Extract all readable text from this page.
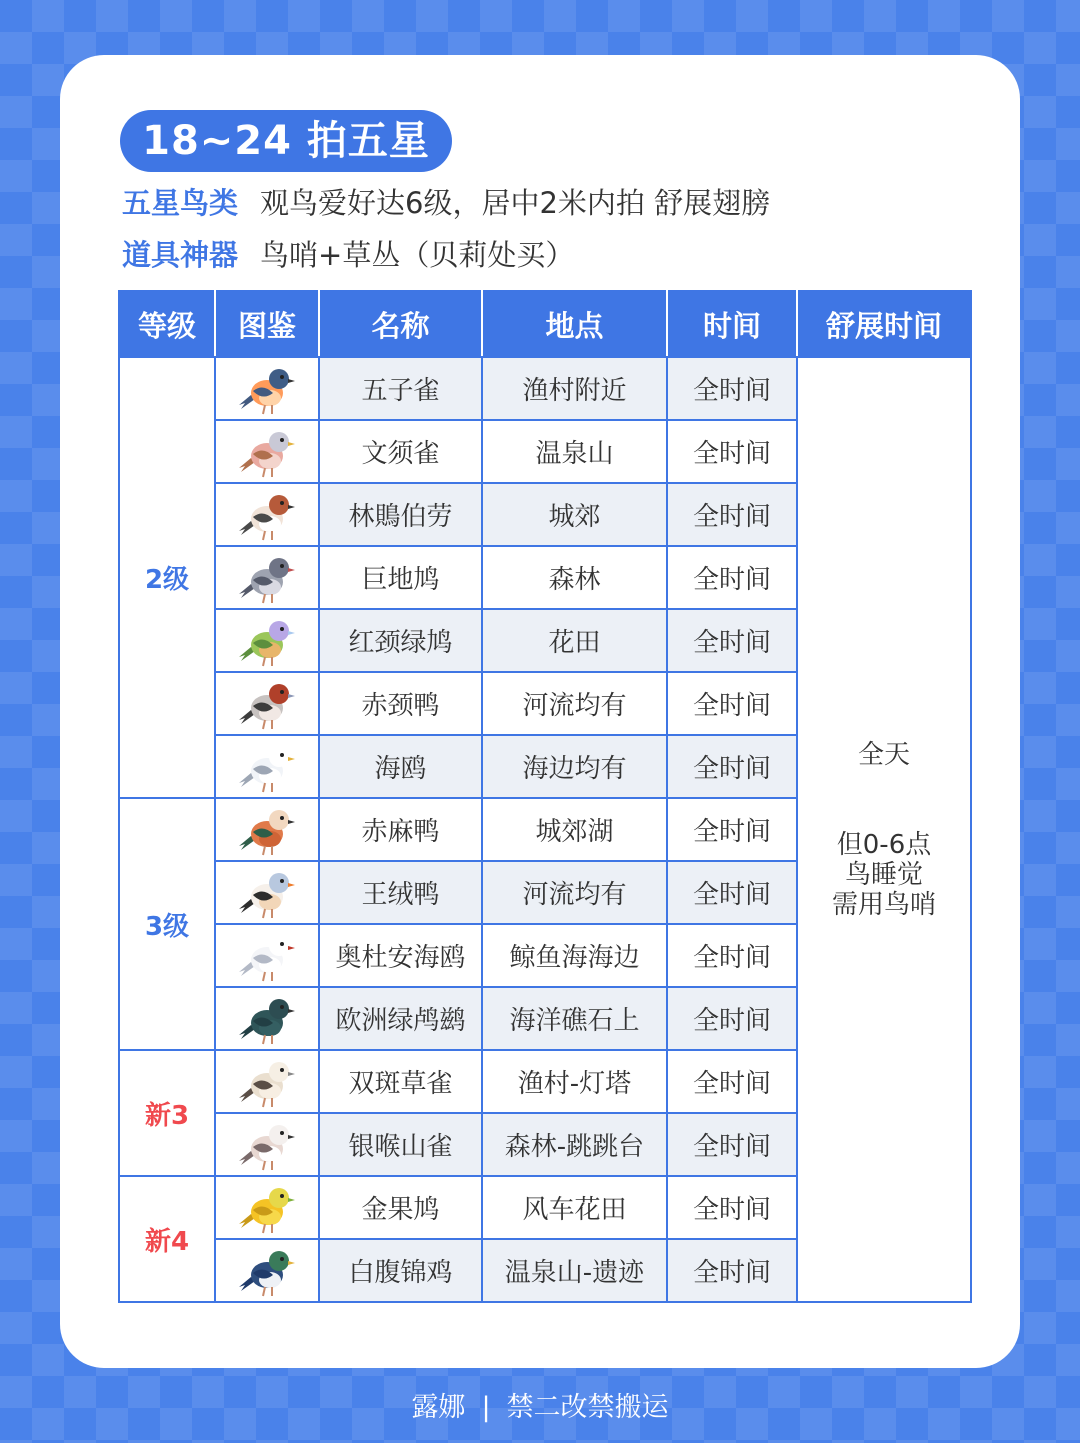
18~24 拍五星
五星鸟类 观鸟爱好达6级，居中2米内拍 舒展翅膀
道具神器 鸟哨+草丛（贝莉处买）
等级	图鉴	名称	地点	时间	舒展时间
2级		五子雀	渔村附近	全时间	全天
但0-6点
鸟睡觉
需用鸟哨

	文须雀	温泉山	全时间	
	林鵙伯劳	城郊	全时间	
	巨地鸠	森林	全时间	
	红颈绿鸠	花田	全时间	
	赤颈鸭	河流均有	全时间	
	海鸥	海边均有	全时间	
3级		赤麻鸭	城郊湖	全时间	
	王绒鸭	河流均有	全时间	
	奥杜安海鸥	鲸鱼海海边	全时间	
	欧洲绿鸬鹚	海洋礁石上	全时间	
新3		双斑草雀	渔村-灯塔	全时间	
	银喉山雀	森林-跳跳台	全时间	
新4		金果鸠	风车花田	全时间	
	白腹锦鸡	温泉山-遗迹	全时间	
露娜 | 禁二改禁搬运
